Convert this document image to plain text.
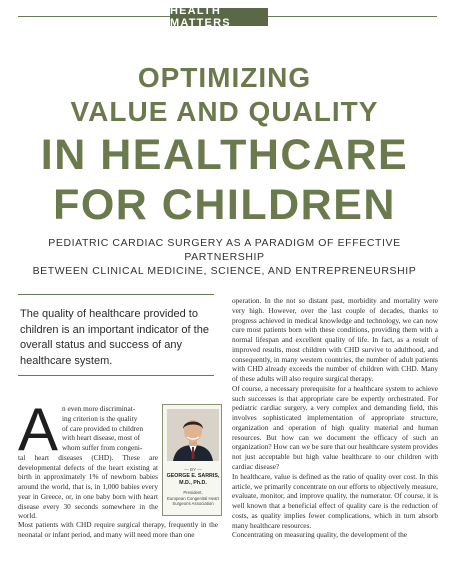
HEALTH MATTERS
OPTIMIZING
VALUE AND QUALITY
IN HEALTHCARE
FOR CHILDREN
PEDIATRIC CARDIAC SURGERY AS A PARADIGM OF EFFECTIVE PARTNERSHIP
BETWEEN CLINICAL MEDICINE, SCIENCE, AND ENTREPRENEURSHIP
The quality of healthcare provided to children is an important indicator of the overall status and success of any healthcare system.
A n even more discriminat-

ing criterion is the quality

of care provided to children

with heart disease, most of

whom suffer from congeni-

tal heart diseases (CHD). These are developmental defects of the heart existing at birth in approximately 1% of newborn babies around the world, that is, in 1,000 babies every year in Greece, or, in one baby born with heart disease every 30 seconds somewhere in the world.

Most patients with CHD require surgical therapy, frequently in the neonatal or infant period, and many will need more than one

— BY —
GEORGE E. SARRIS,
M.D., Ph.D.
President,
European Congenital Heart
Surgeons Association

operation. In the not so distant past, morbidity and mortality were very high. However, over the last couple of decades, thanks to progress achieved in medical knowledge and technology, we can now cure most patients born with these conditions, providing them with a normal lifespan and excellent quality of life. In fact, as a result of improved results, most children with CHD survive to adulthood, and consequently, in many western countries, the number of adult patients with CHD already exceeds the number of children with CHD. Many of these adults will also require surgical therapy.

Of course, a necessary prerequisite for a healthcare system to achieve such successes is that appropriate care be expertly orchestrated. For pediatric cardiac surgery, a very complex and demanding field, this involves sophisticated implementation of appropriate structure, organization and operation of high quality material and human resources. But how can we document the efficacy of such an organization? How can we be sure that our healthcare system provides not just acceptable but high value healthcare to our children with cardiac disease?

In healthcare, value is defined as the ratio of quality over cost. In this article, we primarily concentrate on our efforts to objectively measure, evaluate, monitor, and improve quality, the numerator. Of course, it is well known that a beneficial effect of quality care is the reduction of costs, as quality implies fewer complications, which in turn absorb many healthcare resources.

Concentrating on measuring quality, the development of the
